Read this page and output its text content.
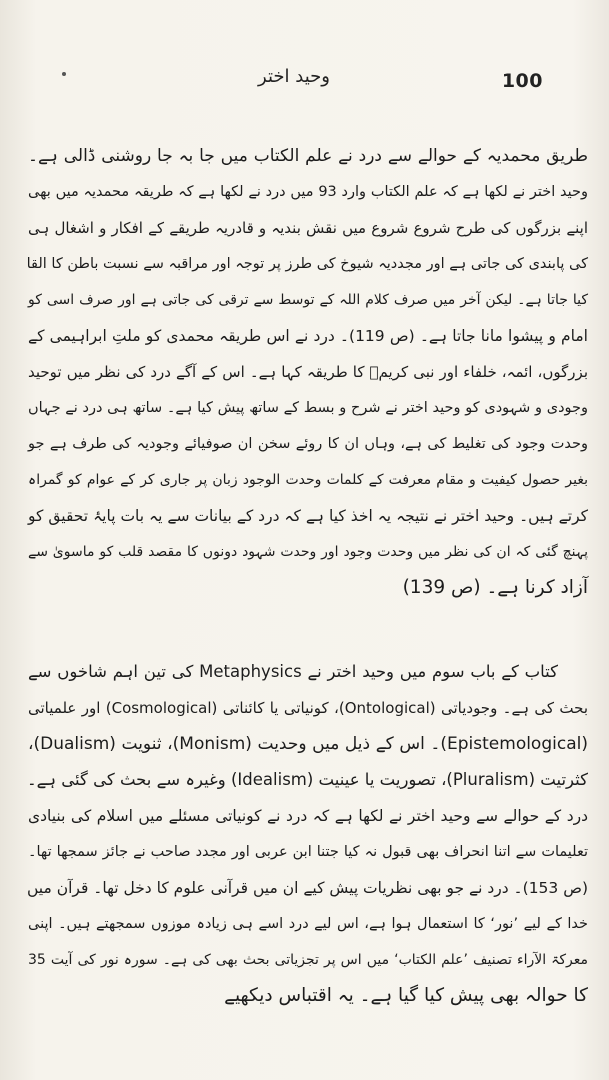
100
وحید اختر
طریق محمدیہ کے حوالے سے درد نے علم الکتاب میں جا بہ جا روشنی ڈالی ہے۔
وحید اختر نے لکھا ہے کہ علم الکتاب وارد 93 میں درد نے لکھا ہے کہ طریقہ محمدیہ میں بھی
اپنے بزرگوں کی طرح شروع شروع میں نقش بندیہ و قادریہ طریقے کے افکار و اشغال ہی
کی پابندی کی جاتی ہے اور مجددیہ شیوخ کی طرز پر توجہ اور مراقبہ سے نسبت باطن کا القا
کیا جاتا ہے۔ لیکن آخر میں صرف کلام اللہ کے توسط سے ترقی کی جاتی ہے اور صرف اسی کو
امام و پیشوا مانا جاتا ہے۔ (ص 119)۔ درد نے اس طریقہ محمدی کو ملتِ ابراہیمی کے
بزرگوں، ائمہ، خلفاء اور نبی کریمؐ کا طریقہ کہا ہے۔ اس کے آگے درد کی نظر میں توحید
وجودی و شہودی کو وحید اختر نے شرح و بسط کے ساتھ پیش کیا ہے۔ ساتھ ہی درد نے جہاں
وحدت وجود کی تغلیط کی ہے، وہاں ان کا روئے سخن ان صوفیائے وجودیہ کی طرف ہے جو
بغیر حصول کیفیت و مقام معرفت کے کلمات وحدت الوجود زبان پر جاری کر کے عوام کو گمراہ
کرتے ہیں۔ وحید اختر نے نتیجہ یہ اخذ کیا ہے کہ درد کے بیانات سے یہ بات پایۂ تحقیق کو
پہنچ گئی کہ ان کی نظر میں وحدت وجود اور وحدت شہود دونوں کا مقصد قلب کو ماسویٰ سے
آزاد کرنا ہے۔ (ص 139)
کتاب کے باب سوم میں وحید اختر نے Metaphysics کی تین اہم شاخوں سے
بحث کی ہے۔ وجودیاتی (Ontological)، کونیاتی یا کائناتی (Cosmological) اور علمیاتی
(Epistemological)۔ اس کے ذیل میں وحدیت (Monism)، ثنویت (Dualism)،
کثرتیت (Pluralism)، تصوریت یا عینیت (Idealism) وغیرہ سے بحث کی گئی ہے۔
درد کے حوالے سے وحید اختر نے لکھا ہے کہ درد نے کونیاتی مسئلے میں اسلام کی بنیادی
تعلیمات سے اتنا انحراف بھی قبول نہ کیا جتنا ابن عربی اور مجدد صاحب نے جائز سمجھا تھا۔
(ص 153)۔ درد نے جو بھی نظریات پیش کیے ان میں قرآنی علوم کا دخل تھا۔ قرآن میں
خدا کے لیے ’نور‘ کا استعمال ہوا ہے، اس لیے درد اسے ہی زیادہ موزوں سمجھتے ہیں۔ اپنی
معرکۃ الآراء تصنیف ’علم الکتاب‘ میں اس پر تجزیاتی بحث بھی کی ہے۔ سورہ نور کی آیت 35
کا حوالہ بھی پیش کیا گیا ہے۔ یہ اقتباس دیکھیے
